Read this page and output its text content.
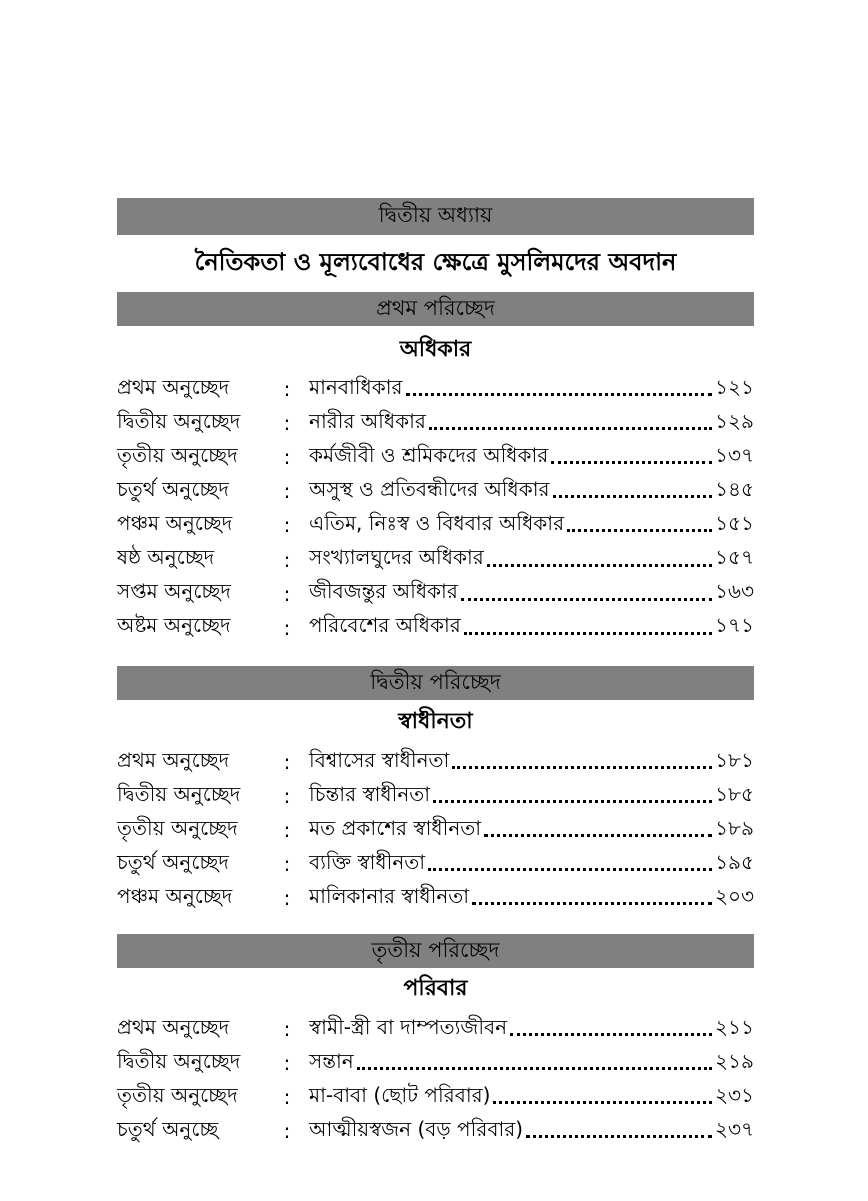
দ্বিতীয় অধ্যায়
নৈতিকতা ও মূল্যবোধের ক্ষেত্রে মুসলিমদের অবদান
প্রথম পরিচ্ছেদ
অধিকার
প্রথম অনুচ্ছেদ	: মানবাধিকার	১২১
দ্বিতীয় অনুচ্ছেদ	: নারীর অধিকার	১২৯
তৃতীয় অনুচ্ছেদ	: কর্মজীবী ও শ্রমিকদের অধিকার	১৩৭
চতুর্থ অনুচ্ছেদ	: অসুস্থ ও প্রতিবন্ধীদের অধিকার	১৪৫
পঞ্চম অনুচ্ছেদ	: এতিম, নিঃস্ব ও বিধবার অধিকার	১৫১
ষষ্ঠ অনুচ্ছেদ	: সংখ্যালঘুদের অধিকার	১৫৭
সপ্তম অনুচ্ছেদ	: জীবজন্তুর অধিকার	১৬৩
অষ্টম অনুচ্ছেদ	: পরিবেশের অধিকার	১৭১
দ্বিতীয় পরিচ্ছেদ
স্বাধীনতা
প্রথম অনুচ্ছেদ	: বিশ্বাসের স্বাধীনতা	১৮১
দ্বিতীয় অনুচ্ছেদ	: চিন্তার স্বাধীনতা	১৮৫
তৃতীয় অনুচ্ছেদ	: মত প্রকাশের স্বাধীনতা	১৮৯
চতুর্থ অনুচ্ছেদ	: ব্যক্তি স্বাধীনতা	১৯৫
পঞ্চম অনুচ্ছেদ	: মালিকানার স্বাধীনতা	২০৩
তৃতীয় পরিচ্ছেদ
পরিবার
প্রথম অনুচ্ছেদ	: স্বামী-স্ত্রী বা দাম্পত্যজীবন	২১১
দ্বিতীয় অনুচ্ছেদ	: সন্তান	২১৯
তৃতীয় অনুচ্ছেদ	: মা-বাবা (ছোট পরিবার)	২৩১
চতুর্থ অনুচ্ছে	: আত্মীয়স্বজন (বড় পরিবার)	২৩৭
